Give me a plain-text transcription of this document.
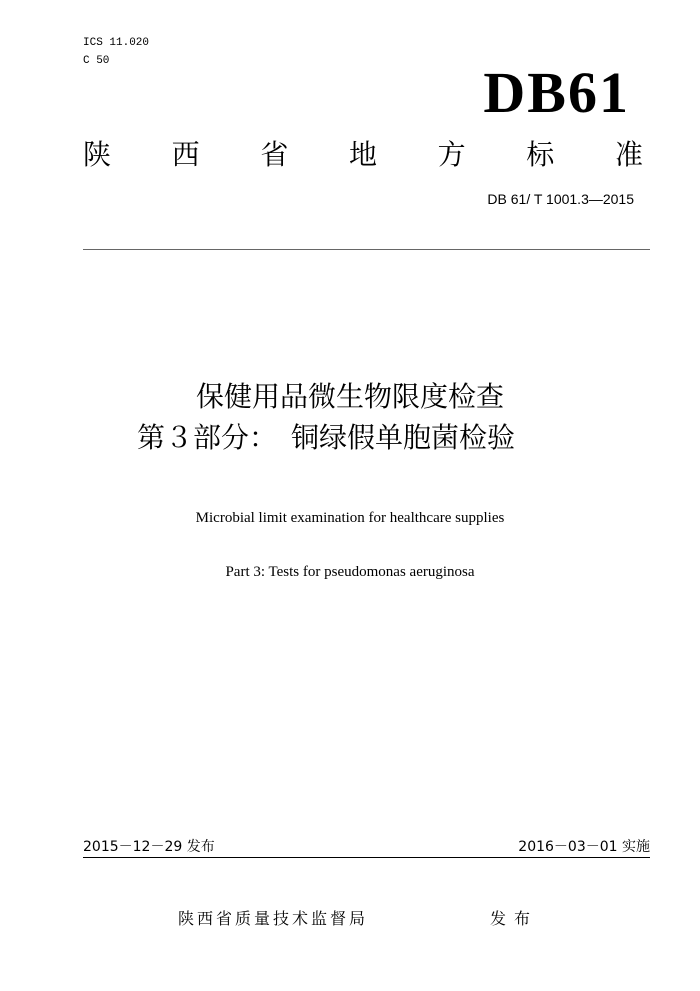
ICS 11.020
C 50	DB61
陕 西 省 地 方 标 准
DB 61/ T 1001.3—2015
保健用品微生物限度检查
第３部分：　铜绿假单胞菌检验
Microbial limit examination for healthcare supplies
Part 3: Tests for pseudomonas aeruginosa
2015－12－29 发布	2016－03－01 实施
陕西省质量技术监督局	发布
